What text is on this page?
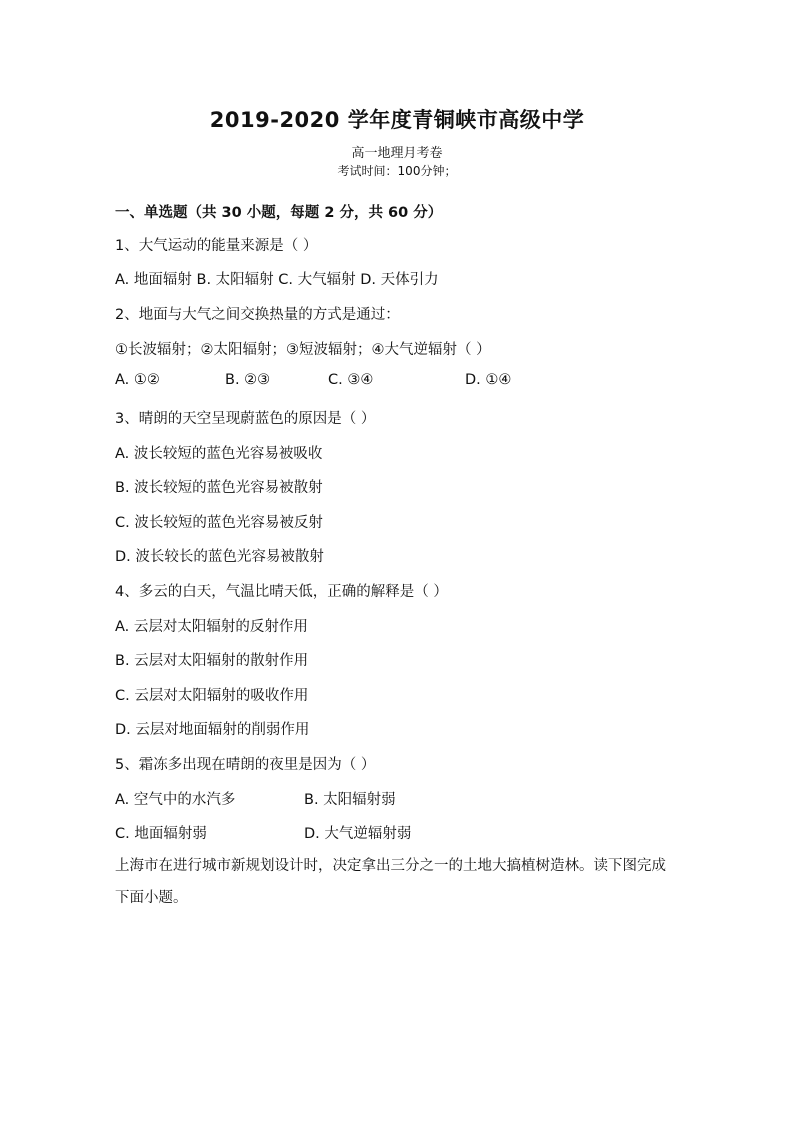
2019-2020 学年度青铜峡市高级中学
高一地理月考卷
考试时间：100分钟；
一、单选题（共 30 小题，每题 2 分，共 60 分）
1、大气运动的能量来源是（ ）
A. 地面辐射 B. 太阳辐射 C. 大气辐射 D. 天体引力
2、地面与大气之间交换热量的方式是通过：
①长波辐射；②太阳辐射；③短波辐射；④大气逆辐射（ ）
A. ①②	B. ②③	C. ③④	D. ①④
3、晴朗的天空呈现蔚蓝色的原因是（ ）
A. 波长较短的蓝色光容易被吸收
B. 波长较短的蓝色光容易被散射
C. 波长较短的蓝色光容易被反射
D. 波长较长的蓝色光容易被散射
4、多云的白天，气温比晴天低，正确的解释是（ ）
A. 云层对太阳辐射的反射作用
B. 云层对太阳辐射的散射作用
C. 云层对太阳辐射的吸收作用
D. 云层对地面辐射的削弱作用
5、霜冻多出现在晴朗的夜里是因为（ ）
A. 空气中的水汽多	B. 太阳辐射弱
C. 地面辐射弱	D. 大气逆辐射弱
上海市在进行城市新规划设计时，决定拿出三分之一的土地大搞植树造林。读下图完成下面小题。
